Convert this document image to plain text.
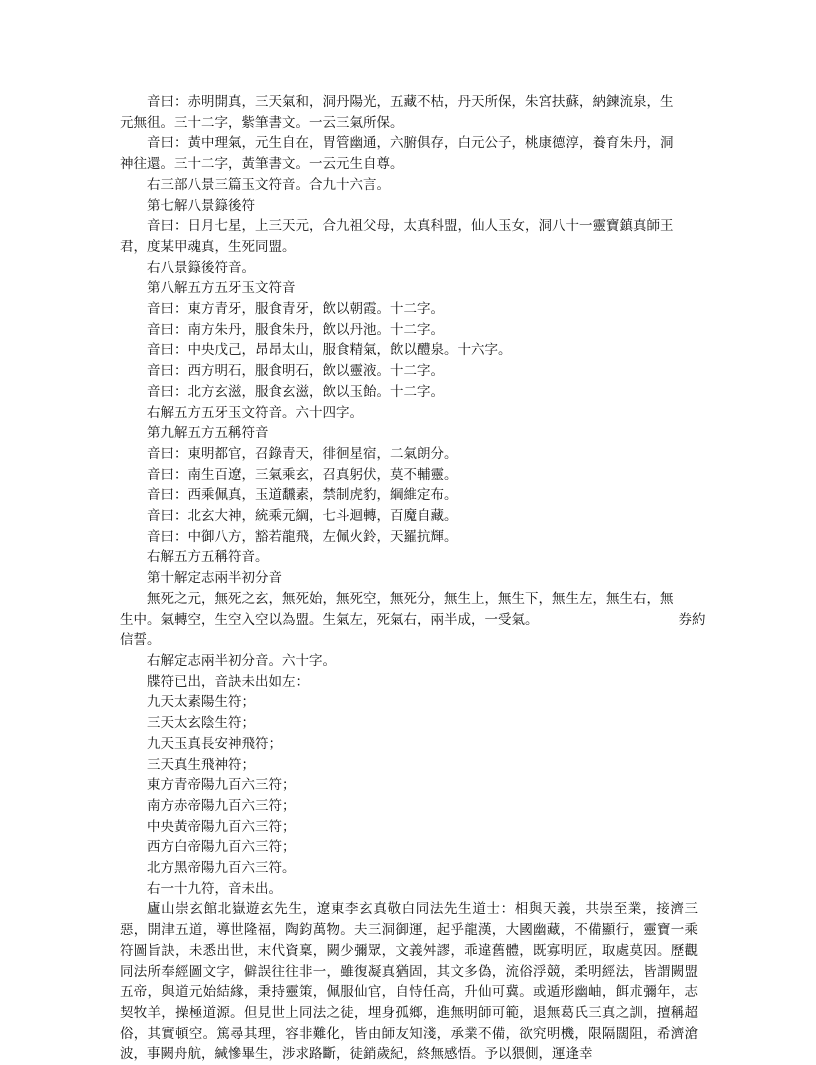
音曰：赤明開真，三天氣和，洞丹陽光，五藏不枯，丹天所保，朱宮扶蘇，納鍊流泉，生

元無徂。三十二字，紫筆書文。一云三氣所保。

音曰：黃中理氣，元生自在，胃管幽通，六腑俱存，白元公子，桃康德淳，養育朱丹，洞

神往還。三十二字，黃筆書文。一云元生自尊。

右三部八景三篇玉文符音。合九十六言。

第七解八景籙後符

音曰：日月七星，上三天元，合九祖父母，太真科盟，仙人玉女，洞八十一靈寶鎮真師王

君，度某甲魂真，生死同盟。

右八景籙後符音。

第八解五方五牙玉文符音

音曰：東方青牙，服食青牙，飲以朝霞。十二字。

音曰：南方朱丹，服食朱丹，飲以丹池。十二字。

音曰：中央戊己，昂昂太山，服食精氣，飲以醴泉。十六字。

音曰：西方明石，服食明石，飲以靈液。十二字。

音曰：北方玄滋，服食玄滋，飲以玉飴。十二字。

右解五方五牙玉文符音。六十四字。

第九解五方五稱符音

音曰：東明都官，召錄青天，徘徊星宿，二氣朗分。

音曰：南生百遼，三氣乘玄，召真躬伏，莫不輔靈。

音曰：西乘佩真，玉道飜素，禁制虎豹，綱維定布。

音曰：北玄大神，統乘元綱，七斗迴轉，百魔自藏。

音曰：中御八方，豁若龍飛，左佩火鈴，天羅抗輝。

右解五方五稱符音。

第十解定志兩半初分音

無死之元，無死之玄，無死始，無死空，無死分，無生上，無生下，無生左，無生右，無

生中。氣轉空，生空入空以為盟。生氣左，死氣右，兩半成，一受氣。	券約

信誓。

右解定志兩半初分音。六十字。

牒符已出，音訣未出如左：

九天太素陽生符；

三天太玄陰生符；

九天玉真長安神飛符；

三天真生飛神符；

東方青帝陽九百六三符；

南方赤帝陽九百六三符；

中央黃帝陽九百六三符；

西方白帝陽九百六三符；

北方黑帝陽九百六三符。

右一十九符，音未出。

廬山崇玄館北嶽遊玄先生，遼東李玄真敬白同法先生道士：相與天義，共崇至業，接濟三惡，開津五道，導世隆福，陶鈞萬物。夫三洞御運，起乎龍漢，大國幽藏，不備顯行，靈寶一乘符圖旨訣，未悉出世，末代資稟，闕少彌眾，文義舛謬，乖違舊體，既寡明匠，取處莫因。歷觀同法所奉經圖文字，僻誤往往非一，雖復凝真猶固，其文多偽，流俗浮競，柔明經法，皆謂闕盟五帝，與道元始結緣，秉持靈策，佩服仙官，自恃任高，升仙可冀。或遁形幽岫，餌朮彌年，志契牧羊，操極道源。但見世上同法之徒，埋身孤鄉，進無明師可範，退無葛氏三真之訓，擅稱超俗，其實頓空。篤尋其理，容非難化，皆由師友知淺，承業不備，欲究明機，限隔闊阻，希濟滄波，事闕舟航，緘慘畢生，涉求路斷，徒銷歲紀，終無感悟。予以猥側，運逢幸
